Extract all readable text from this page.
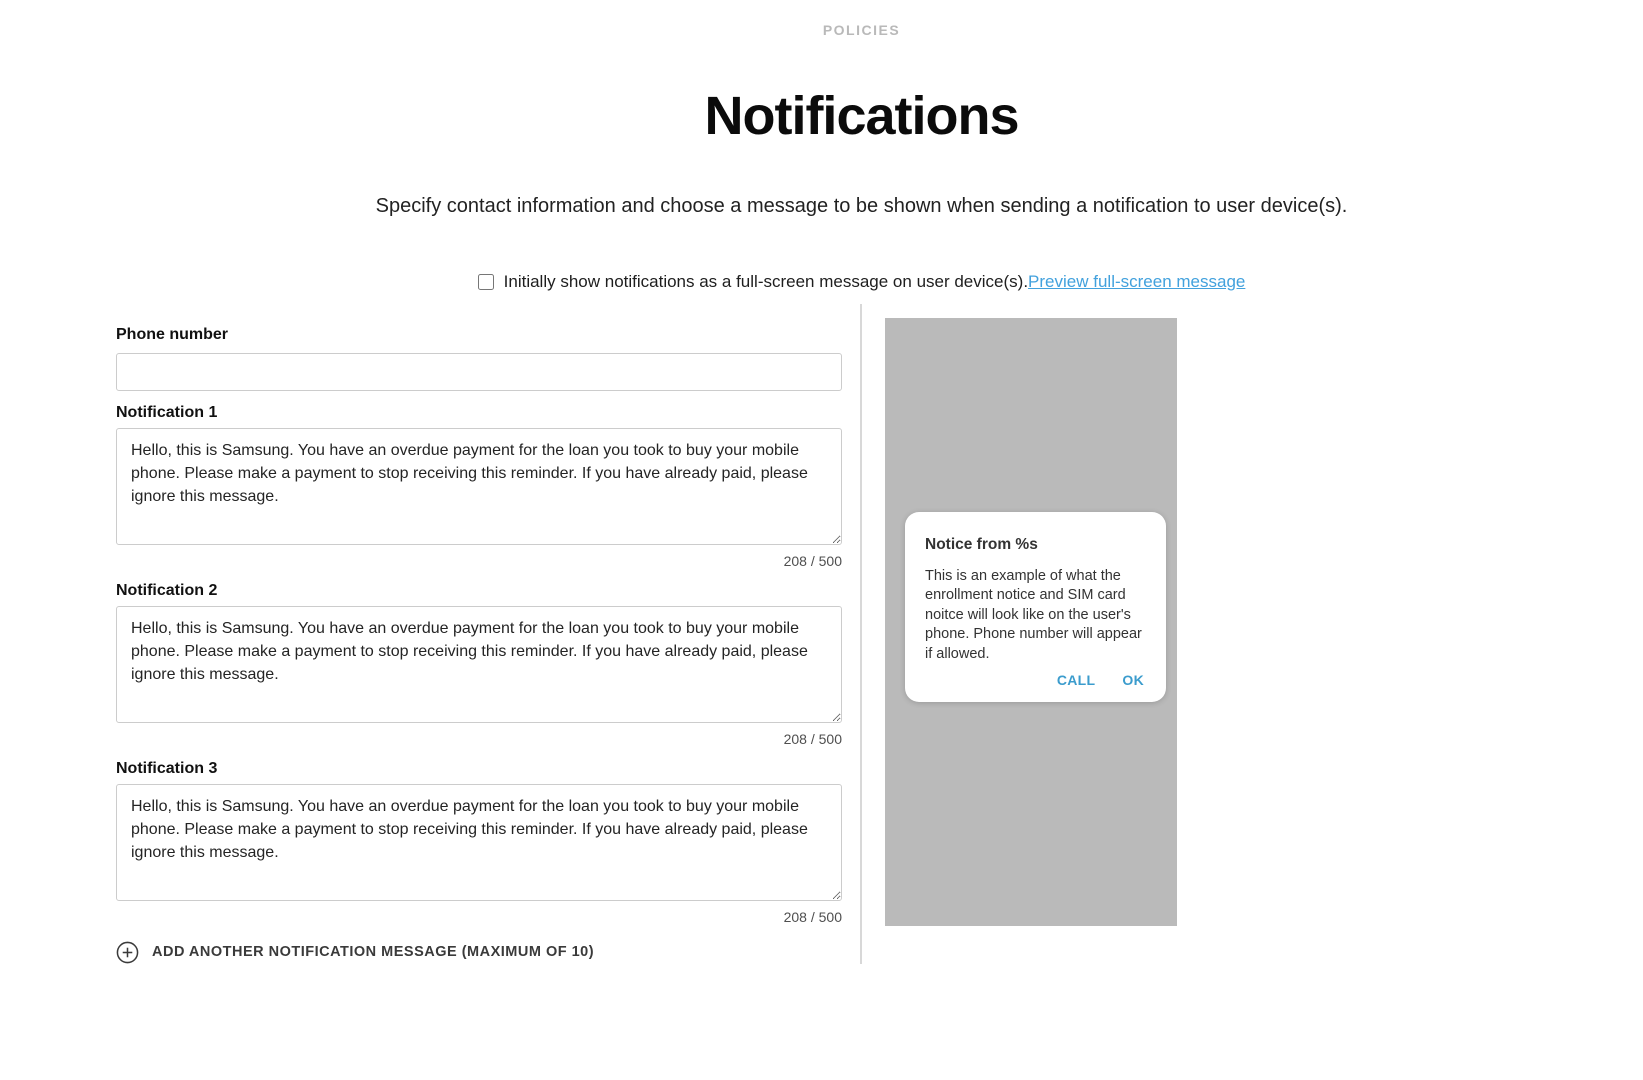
POLICIES
Notifications
Specify contact information and choose a message to be shown when sending a notification to user device(s).
Initially show notifications as a full-screen message on user device(s). Preview full-screen message
Phone number
Notification 1
Hello, this is Samsung. You have an overdue payment for the loan you took to buy your mobile phone. Please make a payment to stop receiving this reminder. If you have already paid, please ignore this message.
208 / 500
Notification 2
Hello, this is Samsung. You have an overdue payment for the loan you took to buy your mobile phone. Please make a payment to stop receiving this reminder. If you have already paid, please ignore this message.
208 / 500
Notification 3
Hello, this is Samsung. You have an overdue payment for the loan you took to buy your mobile phone. Please make a payment to stop receiving this reminder. If you have already paid, please ignore this message.
208 / 500
ADD ANOTHER NOTIFICATION MESSAGE (MAXIMUM OF 10)
Notice from %s
This is an example of what the enrollment notice and SIM card noitce will look like on the user's phone. Phone number will appear if allowed.
CALL OK
